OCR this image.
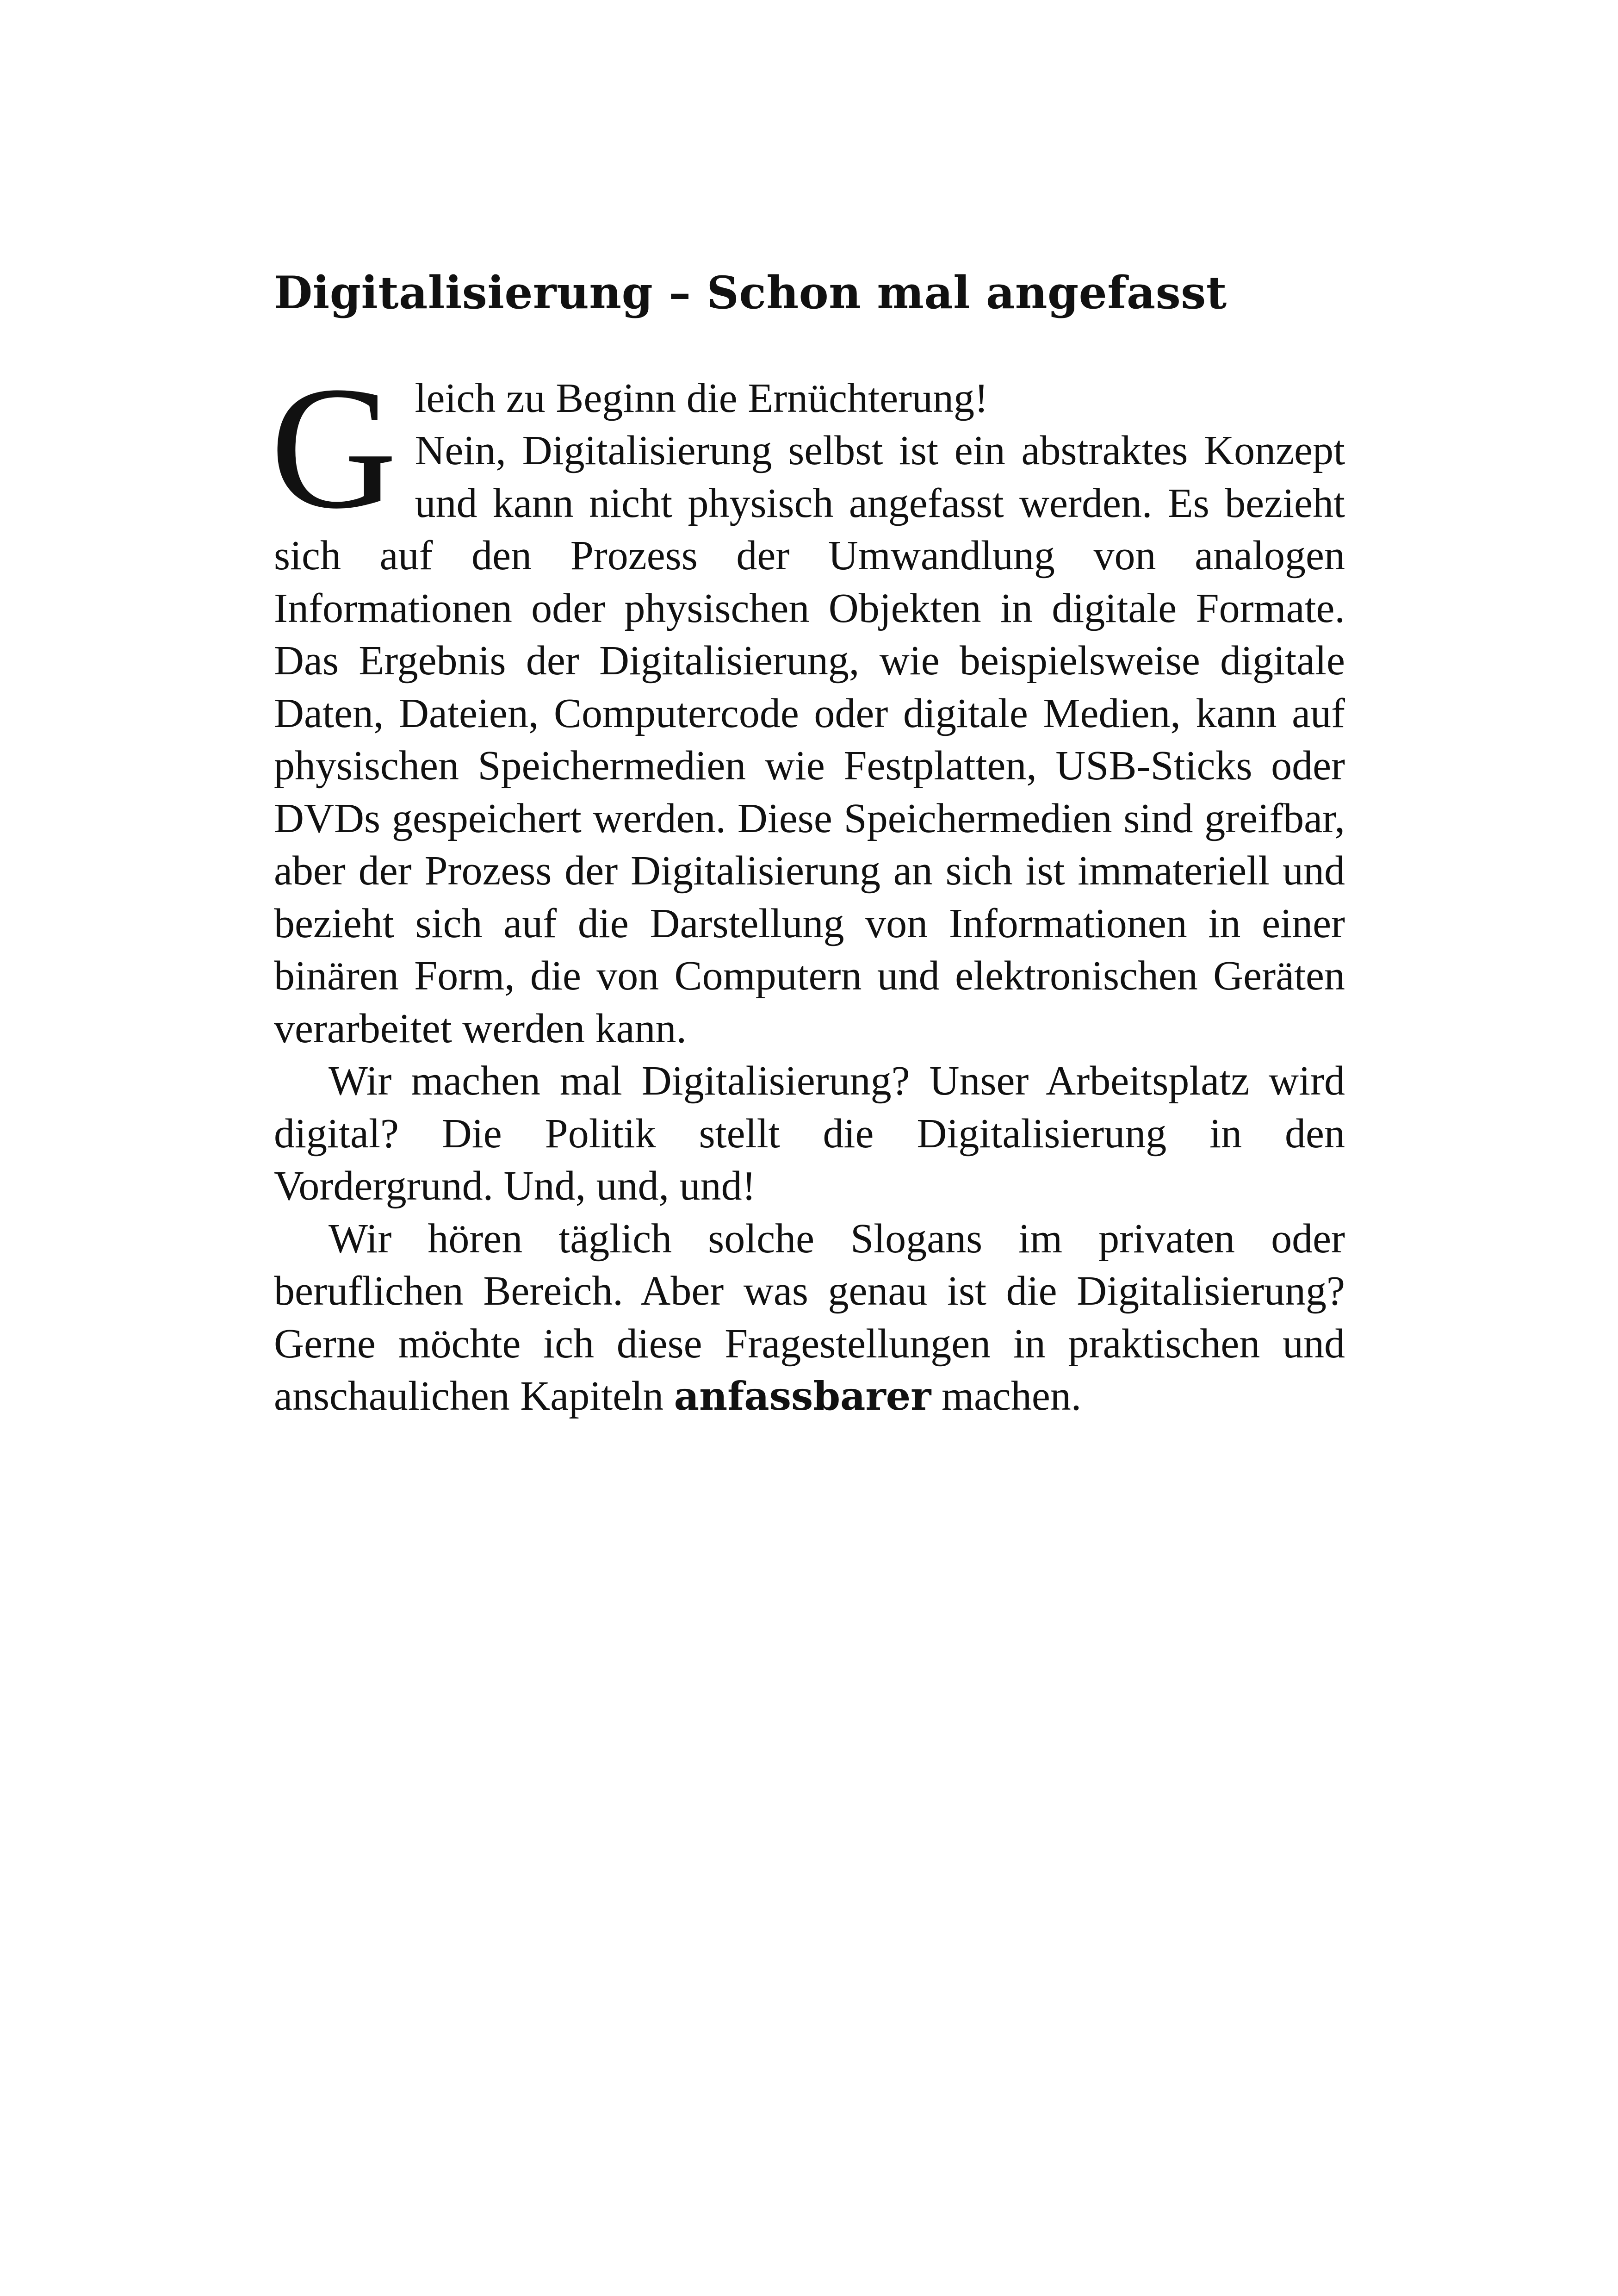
Digitalisierung – Schon mal angefasst

G leich zu Beginn die Ernüchterung!
Nein, Digitalisierung selbst ist ein abstraktes Konzept und kann nicht physisch angefasst werden. Es bezieht sich auf den Prozess der Umwandlung von analogen Informationen oder physischen Objekten in digitale Formate. Das Ergebnis der Digitalisierung, wie beispielsweise digitale Daten, Dateien, Computercode oder digitale Medien, kann auf physischen Speichermedien wie Festplatten, USB-Sticks oder DVDs gespeichert werden. Diese Speichermedien sind greifbar, aber der Prozess der Digitalisierung an sich ist immateriell und bezieht sich auf die Darstellung von Informationen in einer binären Form, die von Computern und elektronischen Geräten verarbeitet werden kann.

Wir machen mal Digitalisierung? Unser Arbeitsplatz wird digital? Die Politik stellt die Digitalisierung in den Vordergrund. Und, und, und!

Wir hören täglich solche Slogans im privaten oder beruflichen Bereich. Aber was genau ist die Digitalisierung? Gerne möchte ich diese Fragestellungen in praktischen und anschaulichen Kapiteln anfassbarer machen.
